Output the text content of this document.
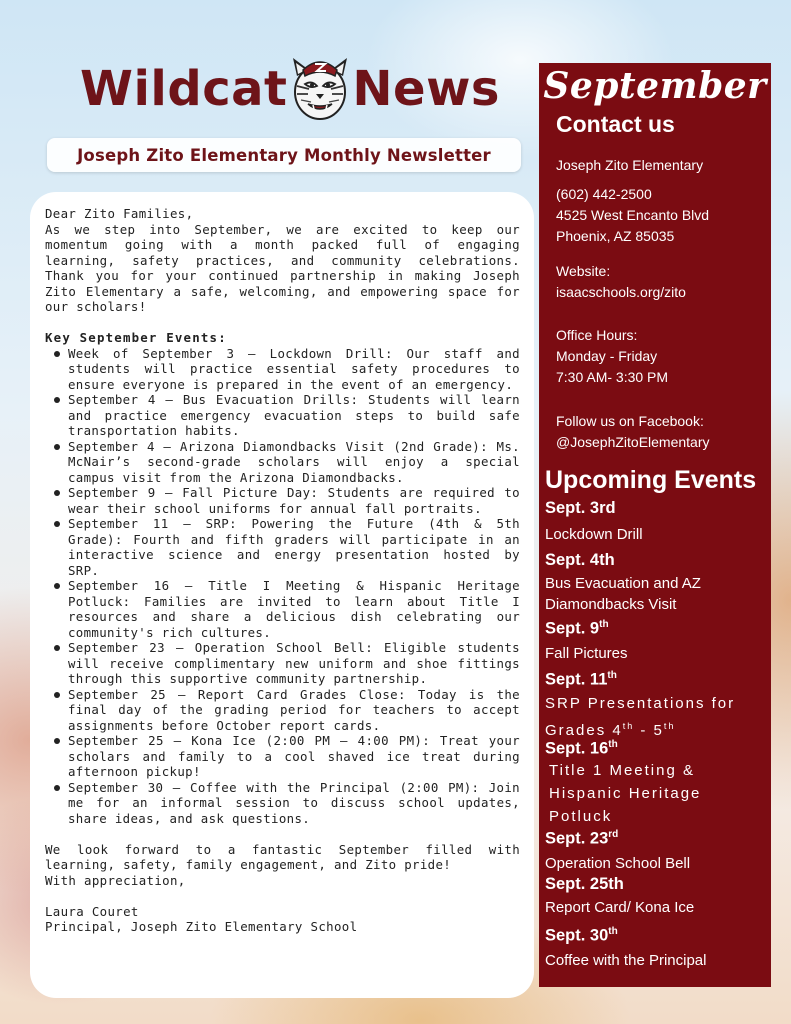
Wildcat News
Joseph Zito Elementary Monthly Newsletter

Dear Zito Families,

As we step into September, we are excited to keep our momentum going with a month packed full of engaging learning, safety practices, and community celebrations. Thank you for your continued partnership in making Joseph Zito Elementary a safe, welcoming, and empowering space for our scholars!

Key September Events:

Week of September 3 – Lockdown Drill: Our staff and students will practice essential safety procedures to ensure everyone is prepared in the event of an emergency.
September 4 – Bus Evacuation Drills: Students will learn and practice emergency evacuation steps to build safe transportation habits.
September 4 – Arizona Diamondbacks Visit (2nd Grade): Ms. McNair’s second-grade scholars will enjoy a special campus visit from the Arizona Diamondbacks.
September 9 – Fall Picture Day: Students are required to wear their school uniforms for annual fall portraits.
September 11 – SRP: Powering the Future (4th & 5th Grade): Fourth and fifth graders will participate in an interactive science and energy presentation hosted by SRP.
September 16 – Title I Meeting & Hispanic Heritage Potluck: Families are invited to learn about Title I resources and share a delicious dish celebrating our community's rich cultures.
September 23 – Operation School Bell: Eligible students will receive complimentary new uniform and shoe fittings through this supportive community partnership.
September 25 – Report Card Grades Close: Today is the final day of the grading period for teachers to accept assignments before October report cards.
September 25 – Kona Ice (2:00 PM – 4:00 PM): Treat your scholars and family to a cool shaved ice treat during afternoon pickup!
September 30 – Coffee with the Principal (2:00 PM): Join me for an informal session to discuss school updates, share ideas, and ask questions.

We look forward to a fantastic September filled with learning, safety, family engagement, and Zito pride!

With appreciation,

Laura Couret

Principal, Joseph Zito Elementary School

September
Contact us
Joseph Zito Elementary
(602) 442-2500
4525 West Encanto Blvd
Phoenix, AZ 85035
Website:
isaacschools.org/zito
Office Hours:
Monday - Friday
7:30 AM- 3:30 PM
Follow us on Facebook:
@JosephZitoElementary
Upcoming Events
Sept. 3rd
Lockdown Drill
Sept. 4th
Bus Evacuation and AZ
Diamondbacks Visit
Sept. 9th
Fall Pictures
Sept. 11th
SRP Presentations for
Grades 4th - 5th
Sept. 16th
Title 1 Meeting &
Hispanic Heritage
Potluck
Sept. 23rd
Operation School Bell
Sept. 25th
Report Card/ Kona Ice
Sept. 30th
Coffee with the Principal
